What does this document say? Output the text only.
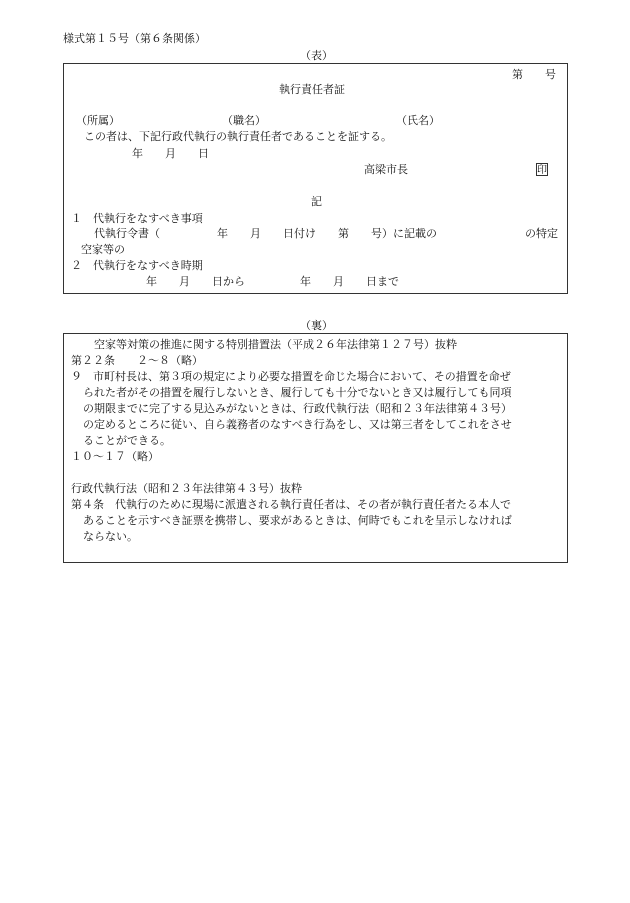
様式第１５号（第６条関係）
（表）
第　　号
執行責任者証
（所属）	（職名）	（氏名）
この者は、下記行政代執行の執行責任者であることを証する。
年　　月　　日
高梁市長	印
記
１　代執行をなすべき事項
代執行令書（	年　　月　　日付け　　第　　号）に記載の	の特定
空家等の
２　代執行をなすべき時期
年　　月　　日から　　　　　年　　月　　日まで
（裏）
空家等対策の推進に関する特別措置法（平成２６年法律第１２７号）抜粋
第２２条　　２～８（略）
９　市町村長は、第３項の規定により必要な措置を命じた場合において、その措置を命ぜ
られた者がその措置を履行しないとき、履行しても十分でないとき又は履行しても同項
の期限までに完了する見込みがないときは、行政代執行法（昭和２３年法律第４３号）
の定めるところに従い、自ら義務者のなすべき行為をし、又は第三者をしてこれをさせ
ることができる。
１０～１７（略）
行政代執行法（昭和２３年法律第４３号）抜粋
第４条　代執行のために現場に派遣される執行責任者は、その者が執行責任者たる本人で
あることを示すべき証票を携帯し、要求があるときは、何時でもこれを呈示しなければ
ならない。
